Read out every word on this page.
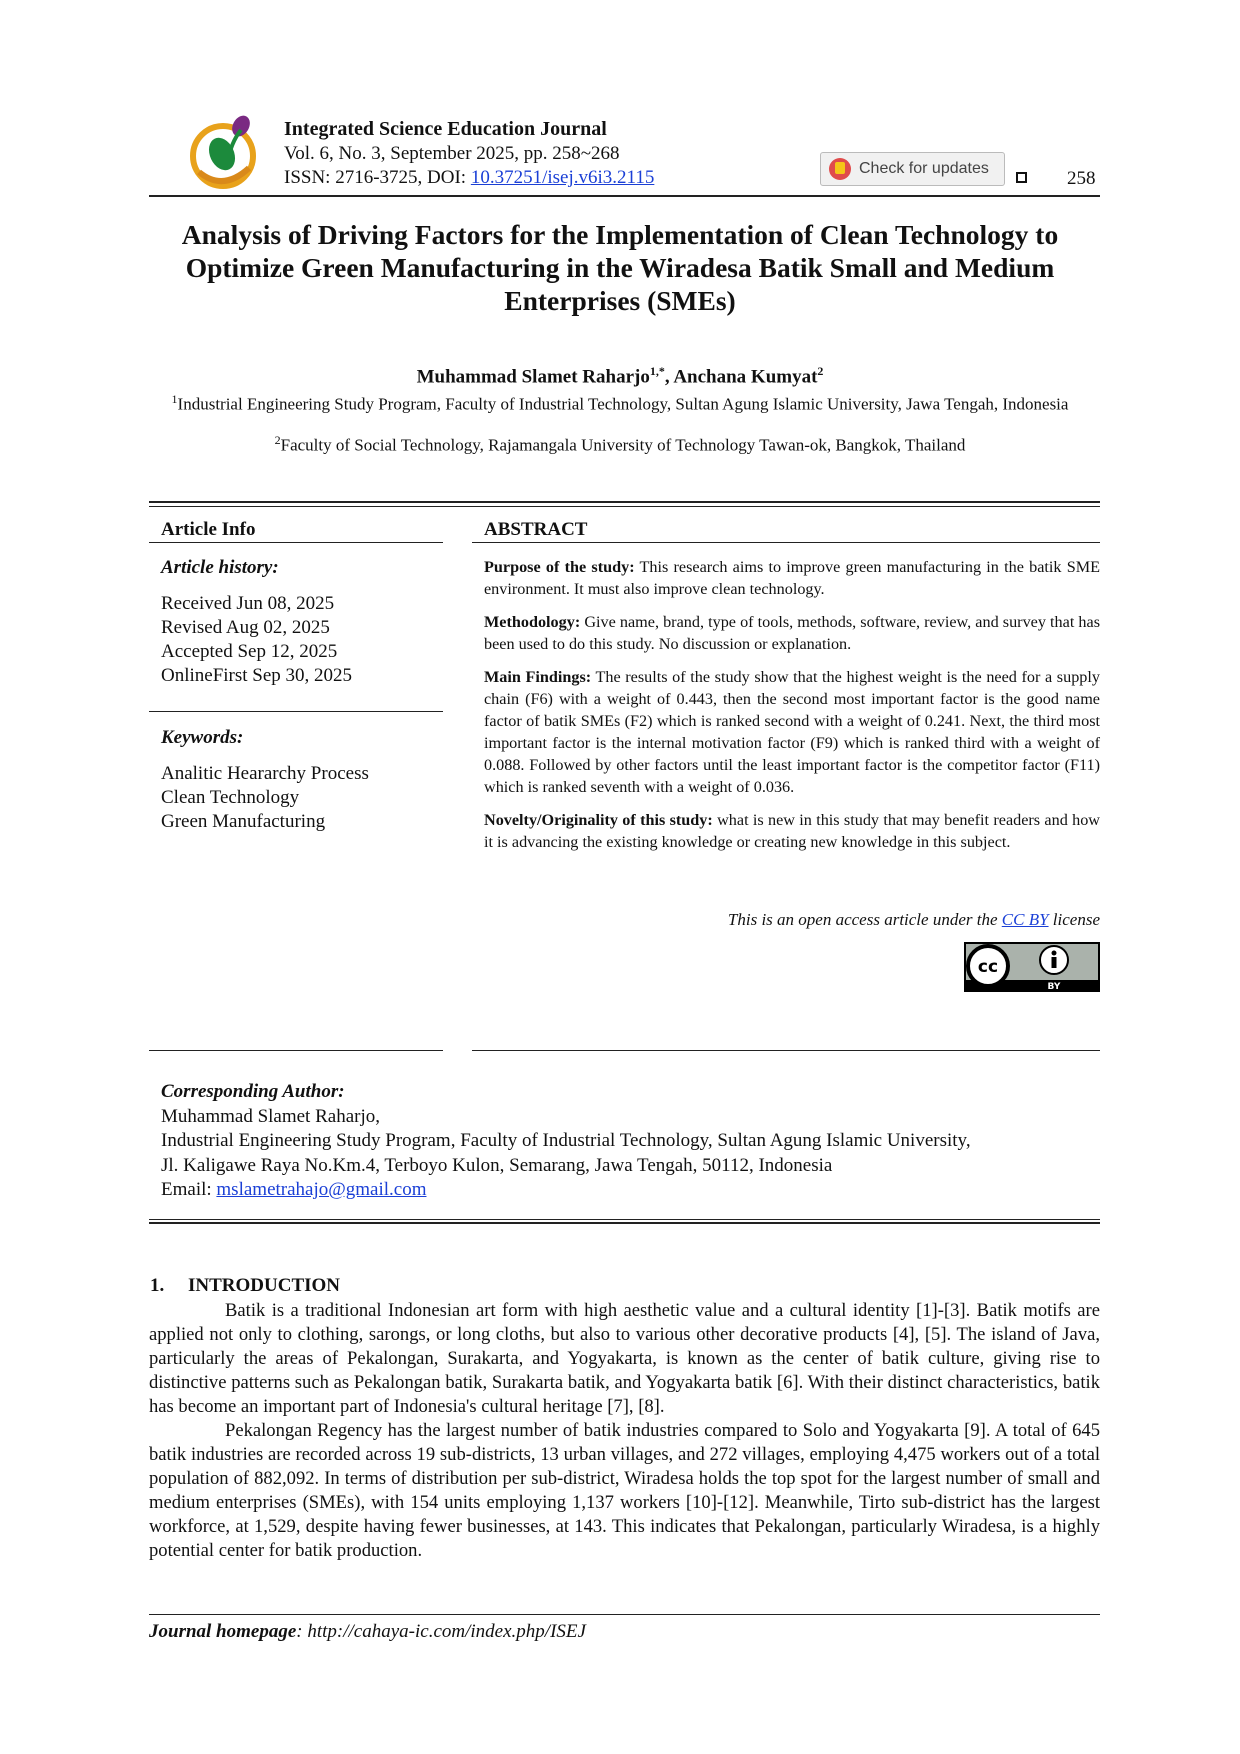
Integrated Science Education Journal
Vol. 6, No. 3, September 2025, pp. 258~268
ISSN: 2716-3725, DOI: 10.37251/isej.v6i3.2115	Check for updates	258
Analysis of Driving Factors for the Implementation of Clean Technology to Optimize Green Manufacturing in the Wiradesa Batik Small and Medium Enterprises (SMEs)
Muhammad Slamet Raharjo$^{1,*}$, Anchana Kumyat$^2$
$^1$Industrial Engineering Study Program, Faculty of Industrial Technology, Sultan Agung Islamic University, Jawa Tengah, Indonesia
$^2$Faculty of Social Technology, Rajamangala University of Technology Tawan-ok, Bangkok, Thailand
Article Info
Article history:
Received Jun 08, 2025
Revised Aug 02, 2025
Accepted Sep 12, 2025
OnlineFirst Sep 30, 2025
Keywords:
Analitic Heararchy Process
Clean Technology
Green Manufacturing
ABSTRACT

Purpose of the study: This research aims to improve green manufacturing in the batik SME environment. It must also improve clean technology.

Methodology: Give name, brand, type of tools, methods, software, review, and survey that has been used to do this study. No discussion or explanation.

Main Findings: The results of the study show that the highest weight is the need for a supply chain (F6) with a weight of 0.443, then the second most important factor is the good name factor of batik SMEs (F2) which is ranked second with a weight of 0.241. Next, the third most important factor is the internal motivation factor (F9) which is ranked third with a weight of 0.088. Followed by other factors until the least important factor is the competitor factor (F11) which is ranked seventh with a weight of 0.036.

Novelty/Originality of this study: what is new in this study that may benefit readers and how it is advancing the existing knowledge or creating new knowledge in this subject.

This is an open access article under the CC BY license
cc
BY
Corresponding Author:
Muhammad Slamet Raharjo,
Industrial Engineering Study Program, Faculty of Industrial Technology, Sultan Agung Islamic University,
Jl. Kaligawe Raya No.Km.4, Terboyo Kulon, Semarang, Jawa Tengah, 50112, Indonesia
Email: mslametrahajo@gmail.com
1.     INTRODUCTION

Batik is a traditional Indonesian art form with high aesthetic value and a cultural identity [1]-[3]. Batik motifs are applied not only to clothing, sarongs, or long cloths, but also to various other decorative products [4], [5]. The island of Java, particularly the areas of Pekalongan, Surakarta, and Yogyakarta, is known as the center of batik culture, giving rise to distinctive patterns such as Pekalongan batik, Surakarta batik, and Yogyakarta batik [6]. With their distinct characteristics, batik has become an important part of Indonesia's cultural heritage [7], [8].

Pekalongan Regency has the largest number of batik industries compared to Solo and Yogyakarta [9]. A total of 645 batik industries are recorded across 19 sub-districts, 13 urban villages, and 272 villages, employing 4,475 workers out of a total population of 882,092. In terms of distribution per sub-district, Wiradesa holds the top spot for the largest number of small and medium enterprises (SMEs), with 154 units employing 1,137 workers [10]-[12]. Meanwhile, Tirto sub-district has the largest workforce, at 1,529, despite having fewer businesses, at 143. This indicates that Pekalongan, particularly Wiradesa, is a highly potential center for batik production.

Journal homepage: http://cahaya-ic.com/index.php/ISEJ
